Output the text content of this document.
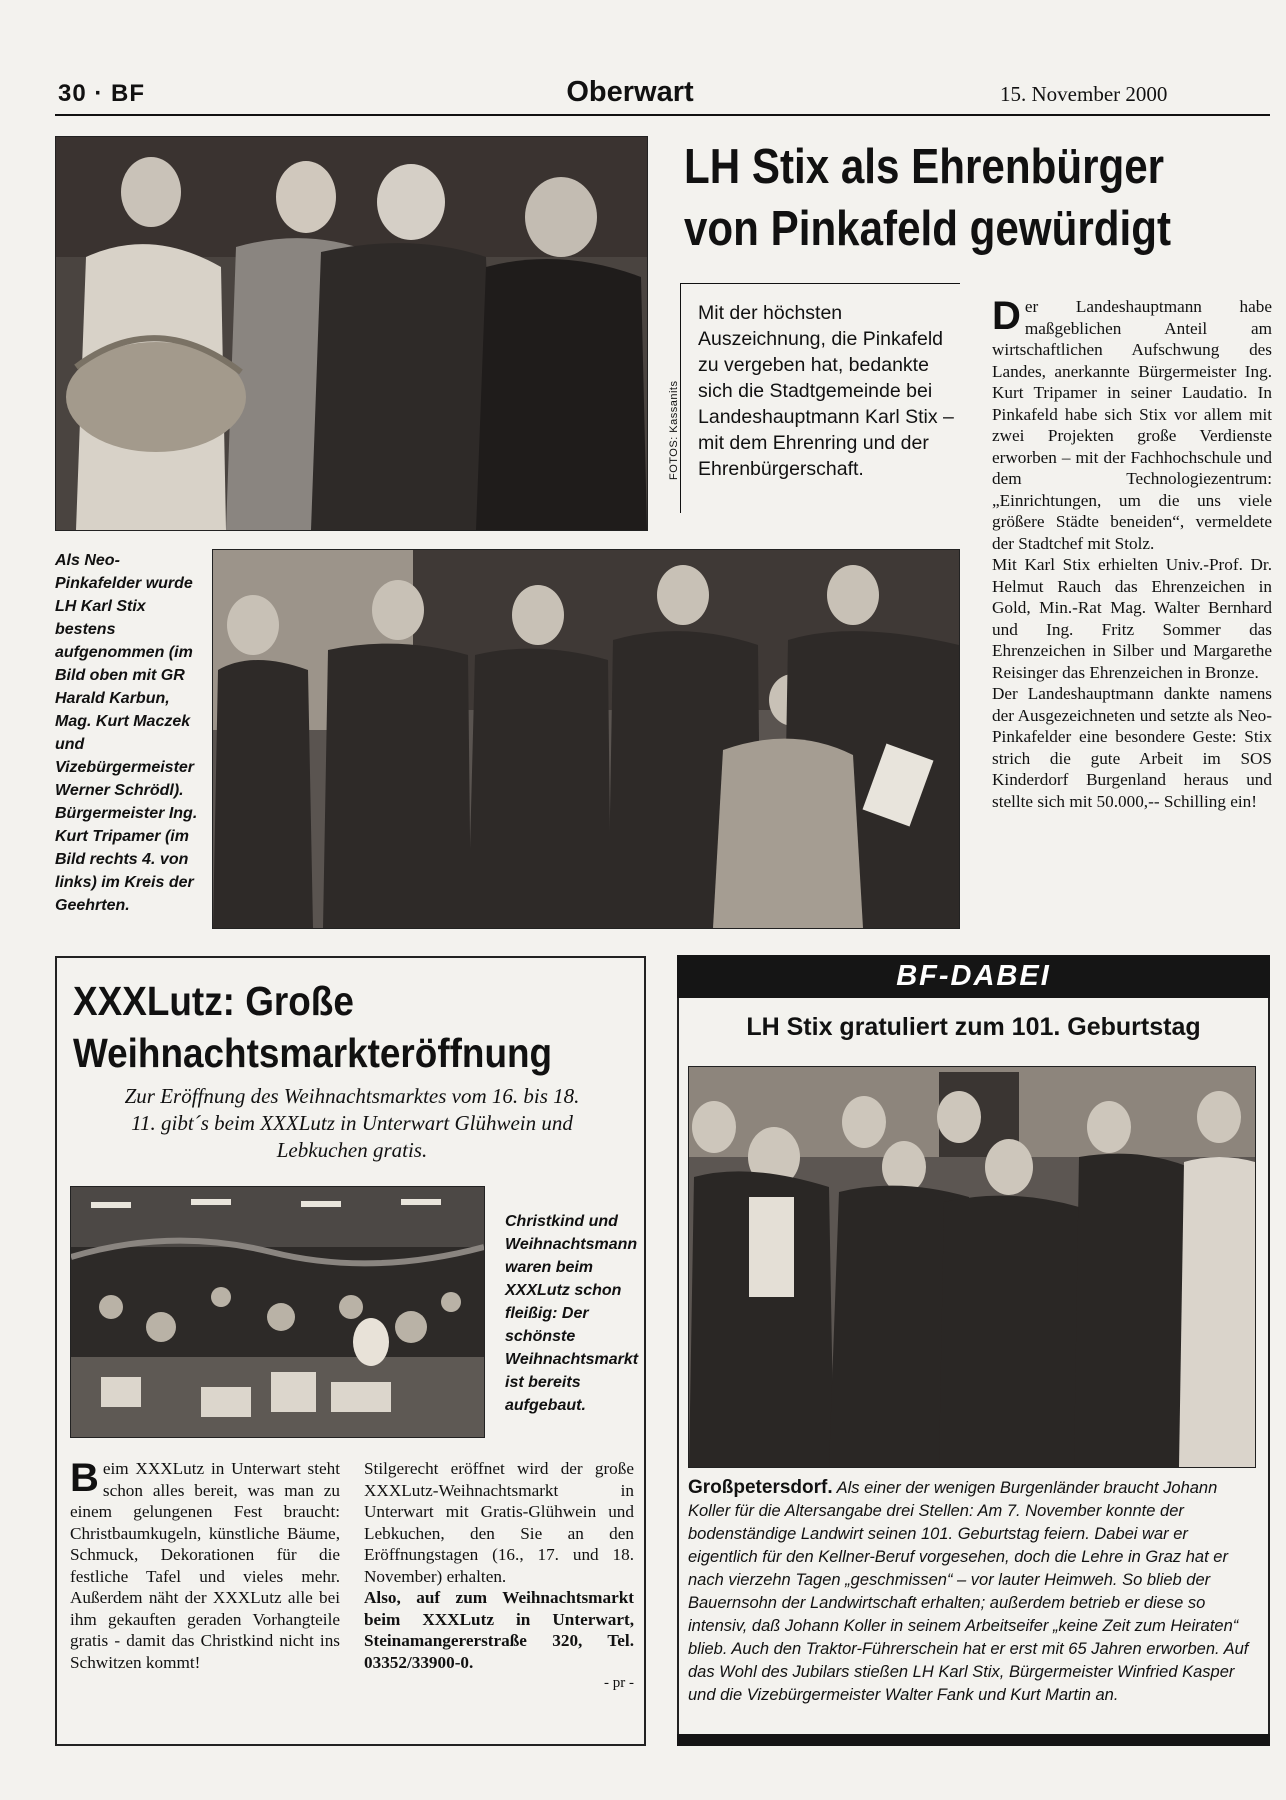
30 · BF	Oberwart	15. November 2000
FOTOS: Kassanits
LH Stix als Ehrenbürger
von Pinkafeld gewürdigt
Mit der höchsten Auszeichnung, die Pinkafeld zu vergeben hat, bedankte sich die Stadtgemeinde bei Landeshauptmann Karl Stix – mit dem Ehrenring und der Ehrenbürgerschaft.
Der Landeshauptmann habe maßgeblichen Anteil am wirtschaftlichen Aufschwung des Landes, anerkannte Bürgermeister Ing. Kurt Tripamer in seiner Laudatio. In Pinkafeld habe sich Stix vor allem mit zwei Projekten große Verdienste erworben – mit der Fachhochschule und dem Technologiezentrum: „Einrichtungen, um die uns viele größere Städte beneiden“, vermeldete der Stadtchef mit Stolz.
Mit Karl Stix erhielten Univ.-Prof. Dr. Helmut Rauch das Ehrenzeichen in Gold, Min.-Rat Mag. Walter Bernhard und Ing. Fritz Sommer das Ehrenzeichen in Silber und Margarethe Reisinger das Ehrenzeichen in Bronze.
Der Landeshauptmann dankte namens der Ausgezeichneten und setzte als Neo-Pinkafelder eine besondere Geste: Stix strich die gute Arbeit im SOS Kinderdorf Burgenland heraus und stellte sich mit 50.000,-- Schilling ein!
Als Neo-Pinkafelder wurde LH Karl Stix bestens aufgenommen (im Bild oben mit GR Harald Karbun, Mag. Kurt Maczek und Vizebürgermeister Werner Schrödl). Bürgermeister Ing. Kurt Tripamer (im Bild rechts 4. von links) im Kreis der Geehrten.
XXXLutz: Große
Weihnachtsmarkteröffnung
Zur Eröffnung des Weihnachtsmarktes vom 16. bis 18. 11. gibt´s beim XXXLutz in Unterwart Glühwein und Lebkuchen gratis.
Christkind und Weihnachtsmann waren beim XXXLutz schon fleißig: Der schönste Weihnachtsmarkt ist bereits aufgebaut.
Beim XXXLutz in Unterwart steht schon alles bereit, was man zu einem gelungenen Fest braucht: Christbaumkugeln, künstliche Bäume, Schmuck, Dekorationen für die festliche Tafel und vieles mehr. Außerdem näht der XXXLutz alle bei ihm gekauften geraden Vorhangteile gratis - damit das Christkind nicht ins Schwitzen kommt!
Stilgerecht eröffnet wird der große XXXLutz-Weihnachtsmarkt in Unterwart mit Gratis-Glühwein und Lebkuchen, den Sie an den Eröffnungstagen (16., 17. und 18. November) erhalten.
Also, auf zum Weihnachtsmarkt beim XXXLutz in Unterwart, Steinamangererstraße 320, Tel. 03352/33900-0.
- pr -
BF-DABEI
LH Stix gratuliert zum 101. Geburtstag
Großpetersdorf. Als einer der wenigen Burgenländer braucht Johann Koller für die Altersangabe drei Stellen: Am 7. November konnte der bodenständige Landwirt seinen 101. Geburtstag feiern. Dabei war er eigentlich für den Kellner-Beruf vorgesehen, doch die Lehre in Graz hat er nach vierzehn Tagen „geschmissen“ – vor lauter Heimweh. So blieb der Bauernsohn der Landwirtschaft erhalten; außerdem betrieb er diese so intensiv, daß Johann Koller in seinem Arbeitseifer „keine Zeit zum Heiraten“ blieb. Auch den Traktor-Führerschein hat er erst mit 65 Jahren erworben. Auf das Wohl des Jubilars stießen LH Karl Stix, Bürgermeister Winfried Kasper und die Vizebürgermeister Walter Fank und Kurt Martin an.
